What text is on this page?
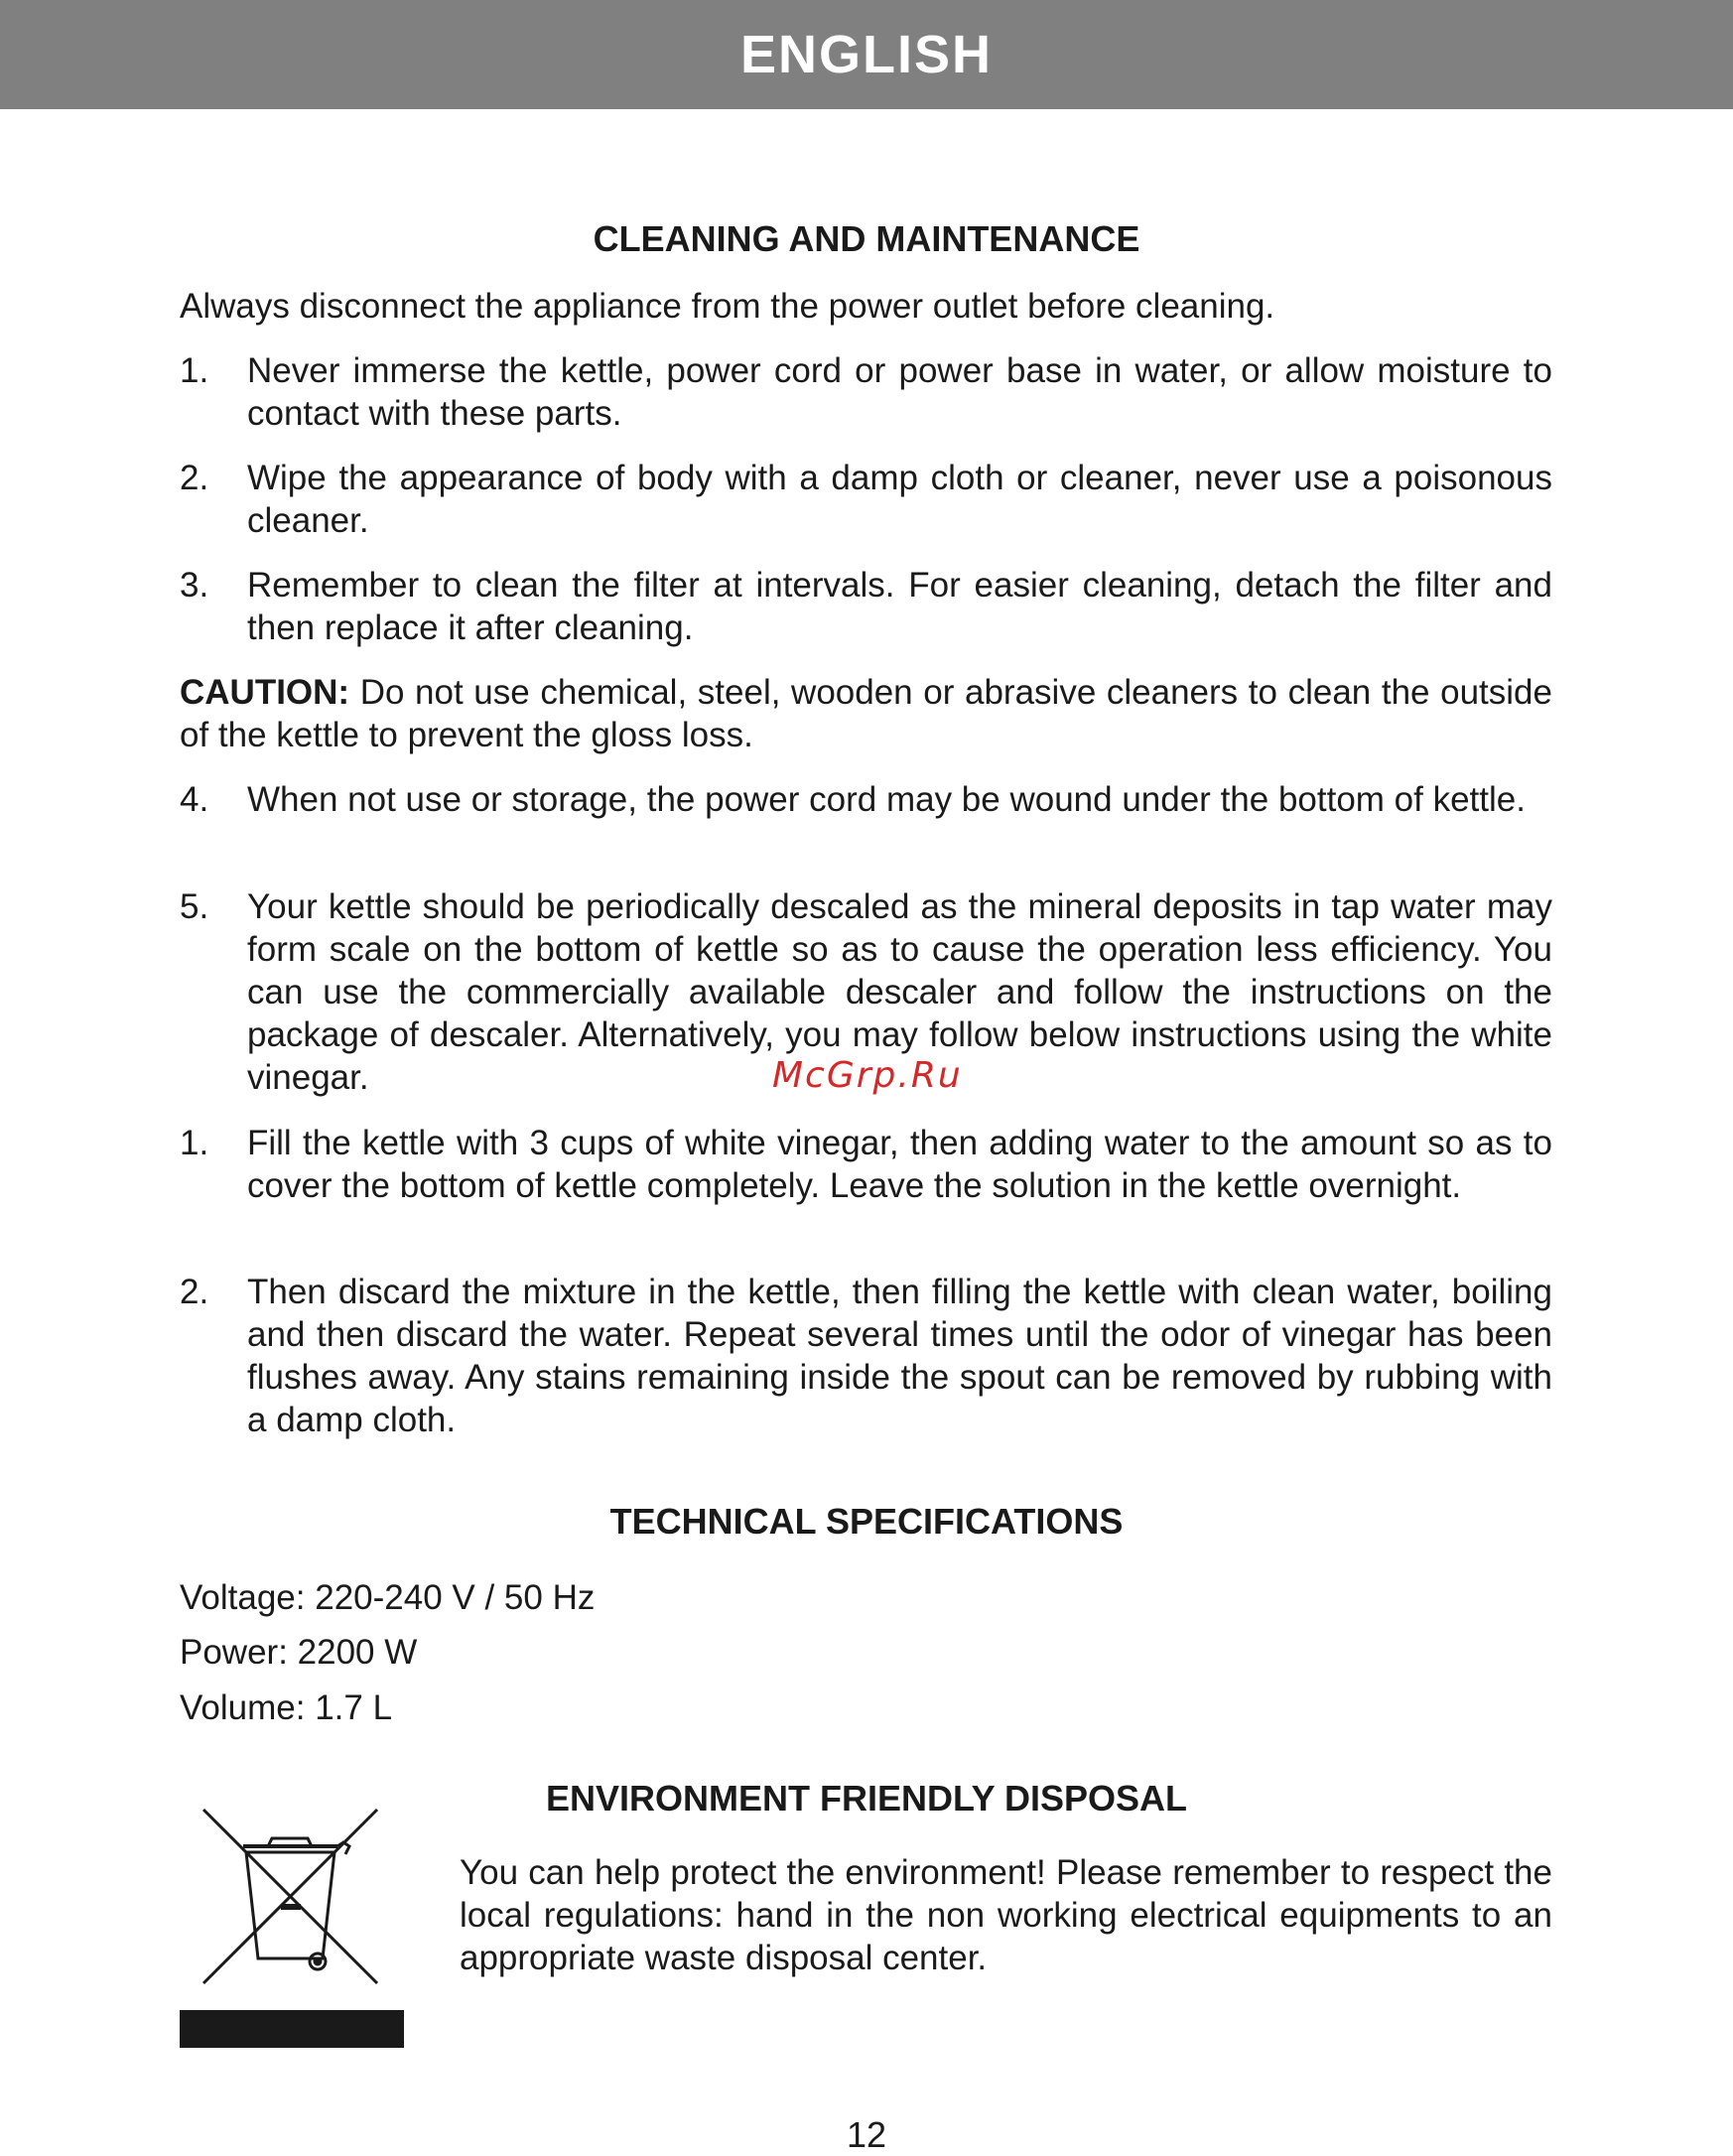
ENGLISH
CLEANING AND MAINTENANCE
Always disconnect the appliance from the power outlet before cleaning.
1. Never immerse the kettle, power cord or power base in water, or allow moisture to contact with these parts.
2. Wipe the appearance of body with a damp cloth or cleaner, never use a poisonous cleaner.
3. Remember to clean the filter at intervals. For easier cleaning, detach the filter and then replace it after cleaning.
CAUTION: Do not use chemical, steel, wooden or abrasive cleaners to clean the outside of the kettle to prevent the gloss loss.
4. When not use or storage, the power cord may be wound under the bottom of kettle.
5. Your kettle should be periodically descaled as the mineral deposits in tap water may form scale on the bottom of kettle so as to cause the operation less efficiency. You can use the commercially available descaler and follow the instructions on the package of descaler. Alternatively, you may follow below instructions using the white vinegar.	McGrp.Ru
1. Fill the kettle with 3 cups of white vinegar, then adding water to the amount so as to cover the bottom of kettle completely. Leave the solution in the kettle overnight.
2. Then discard the mixture in the kettle, then filling the kettle with clean water, boiling and then discard the water. Repeat several times until the odor of vinegar has been flushes away. Any stains remaining inside the spout can be removed by rubbing with a damp cloth.
TECHNICAL SPECIFICATIONS
Voltage: 220-240 V / 50 Hz
Power: 2200 W
Volume: 1.7 L
ENVIRONMENT FRIENDLY DISPOSAL
You can help protect the environment! Please remember to respect the local regulations: hand in the non working electrical equipments to an appropriate waste disposal center.
12
